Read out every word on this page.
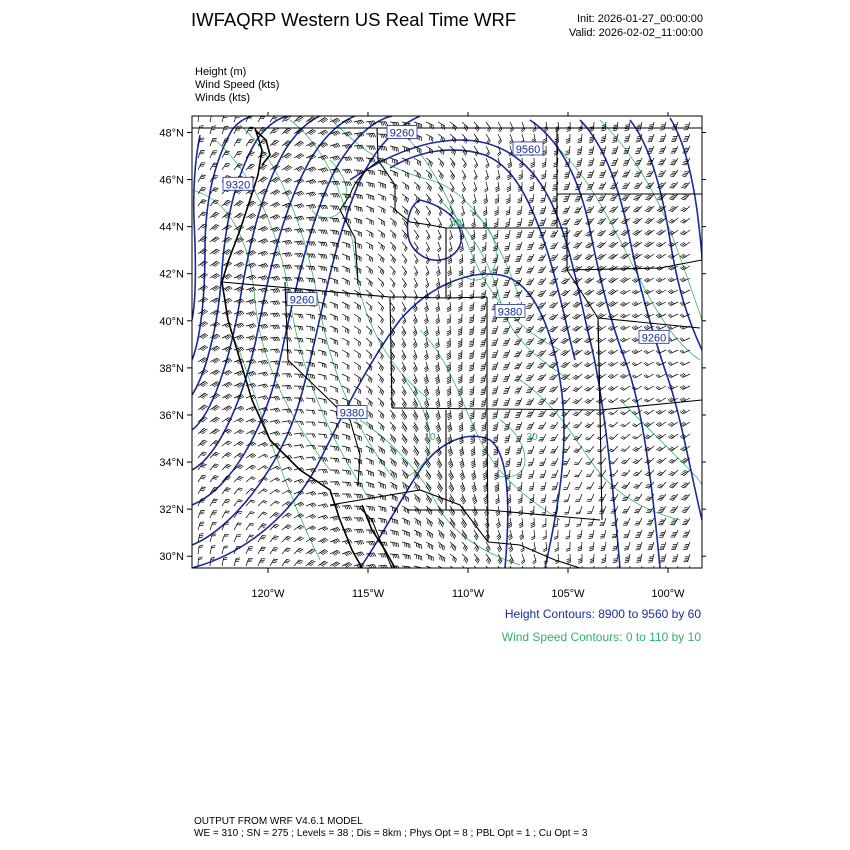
IWFAQRP Western US Real Time WRF	Init: 2026-01-27_00:00:00
Valid: 2026-02-02_11:00:00
Height (m)
Wind Speed (kts)
Winds (kts)
30°N
32°N
34°N
36°N
38°N
40°N
42°N
44°N
46°N
48°N
120°W	115°W	110°W	105°W	100°W
9260
9560
9320
9260
9380
9260
9380
10	30
40
Height Contours: 8900 to 9560 by 60
Wind Speed Contours: 0 to 110 by 10
OUTPUT FROM WRF V4.6.1 MODEL
WE = 310 ; SN = 275 ; Levels = 38 ; Dis = 8km ; Phys Opt = 8 ; PBL Opt = 1 ; Cu Opt = 3
